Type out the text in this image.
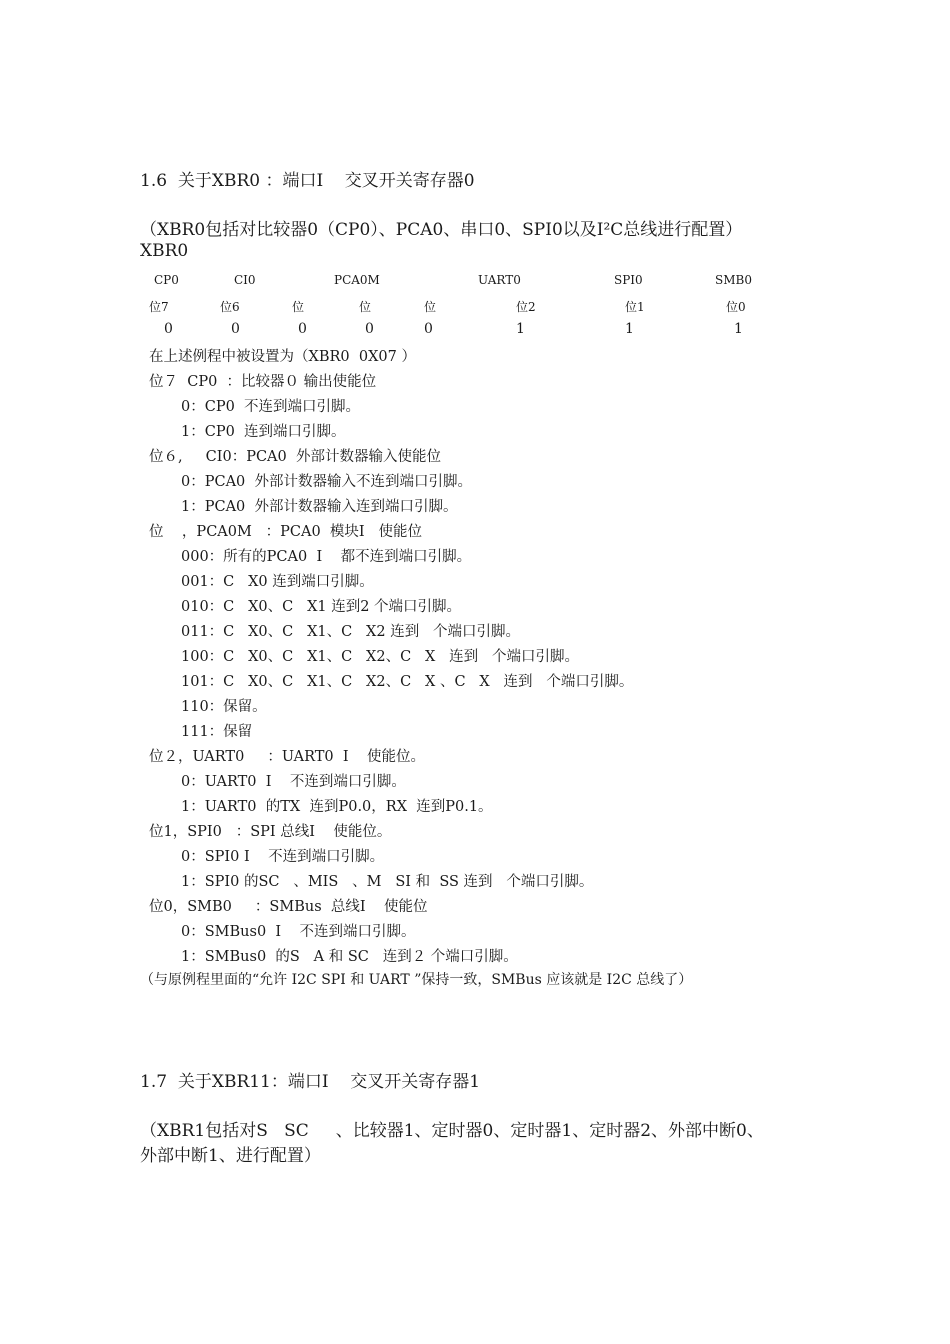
1.6  关于XBR0 ：端口I    交叉开关寄存器0
（XBR0包括对比较器0（CP0）、PCA0、串口0、SPI0以及I²C总线进行配置）
XBR0
CP0	CI0	PCA0M	UART0	SPI0	SMB0
位7	位6	位	位	位	位2	位1	位0
0	0	0	0	0	1	1	1
在上述例程中被设置为（XBR0  0X07 ）
位７  CP0  ：比较器０ 输出使能位
0：CP0  不连到端口引脚。
1：CP0  连到端口引脚。
位６,     CI0：PCA0  外部计数器输入使能位
0：PCA0  外部计数器输入不连到端口引脚。
1：PCA0  外部计数器输入连到端口引脚。
位    ，PCA0M   ：PCA0  模块I   使能位
000：所有的PCA0  I    都不连到端口引脚。
001：C   X0 连到端口引脚。
010：C   X0、C   X1 连到2 个端口引脚。
011：C   X0、C   X1、C   X2 连到   个端口引脚。
100：C   X0、C   X1、C   X2、C   X   连到   个端口引脚。
101：C   X0、C   X1、C   X2、C   X 、C   X   连到   个端口引脚。
110：保留。
111：保留
位２，UART0     ：UART0  I    使能位。
0：UART0  I    不连到端口引脚。
1：UART0  的TX  连到P0.0，RX  连到P0.1。
位1，SPI0   ：SPI 总线I    使能位。
0：SPI0 I    不连到端口引脚。
1：SPI0 的SC   、MIS   、M   SI 和  SS 连到   个端口引脚。
位0，SMB0     ：SMBus  总线I    使能位
0：SMBus0  I    不连到端口引脚。
1：SMBus0  的S   A 和 SC   连到２ 个端口引脚。
（与原例程里面的“允许 I2C SPI 和 UART ”保持一致，SMBus 应该就是 I2C 总线了）
1.7  关于XBR11：端口I    交叉开关寄存器1
（XBR1包括对S   SC     、比较器1、定时器0、定时器1、定时器2、外部中断0、
外部中断1、进行配置）
